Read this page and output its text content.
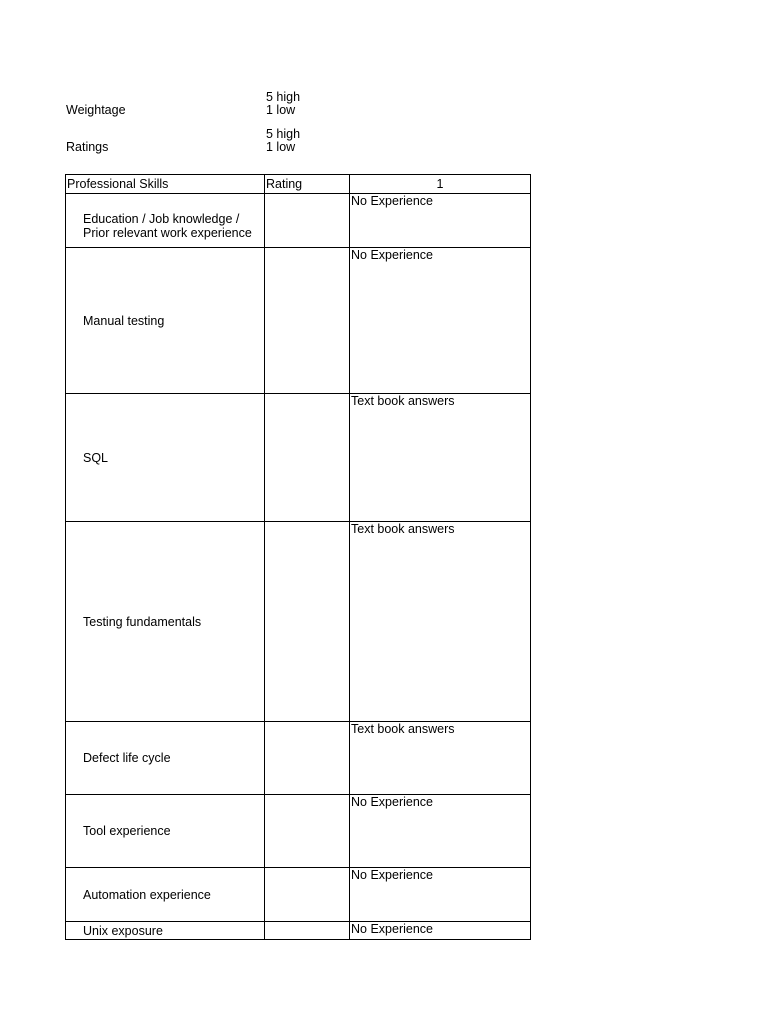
Weightage
5 high
1 low
Ratings
5 high
1 low
Professional Skills	Rating	1
Education / Job knowledge / Prior relevant work experience		No Experience
Manual testing		No Experience
SQL		Text book answers
Testing fundamentals		Text book answers
Defect life cycle		Text book answers
Tool experience		No Experience
Automation experience		No Experience
Unix exposure		No Experience
